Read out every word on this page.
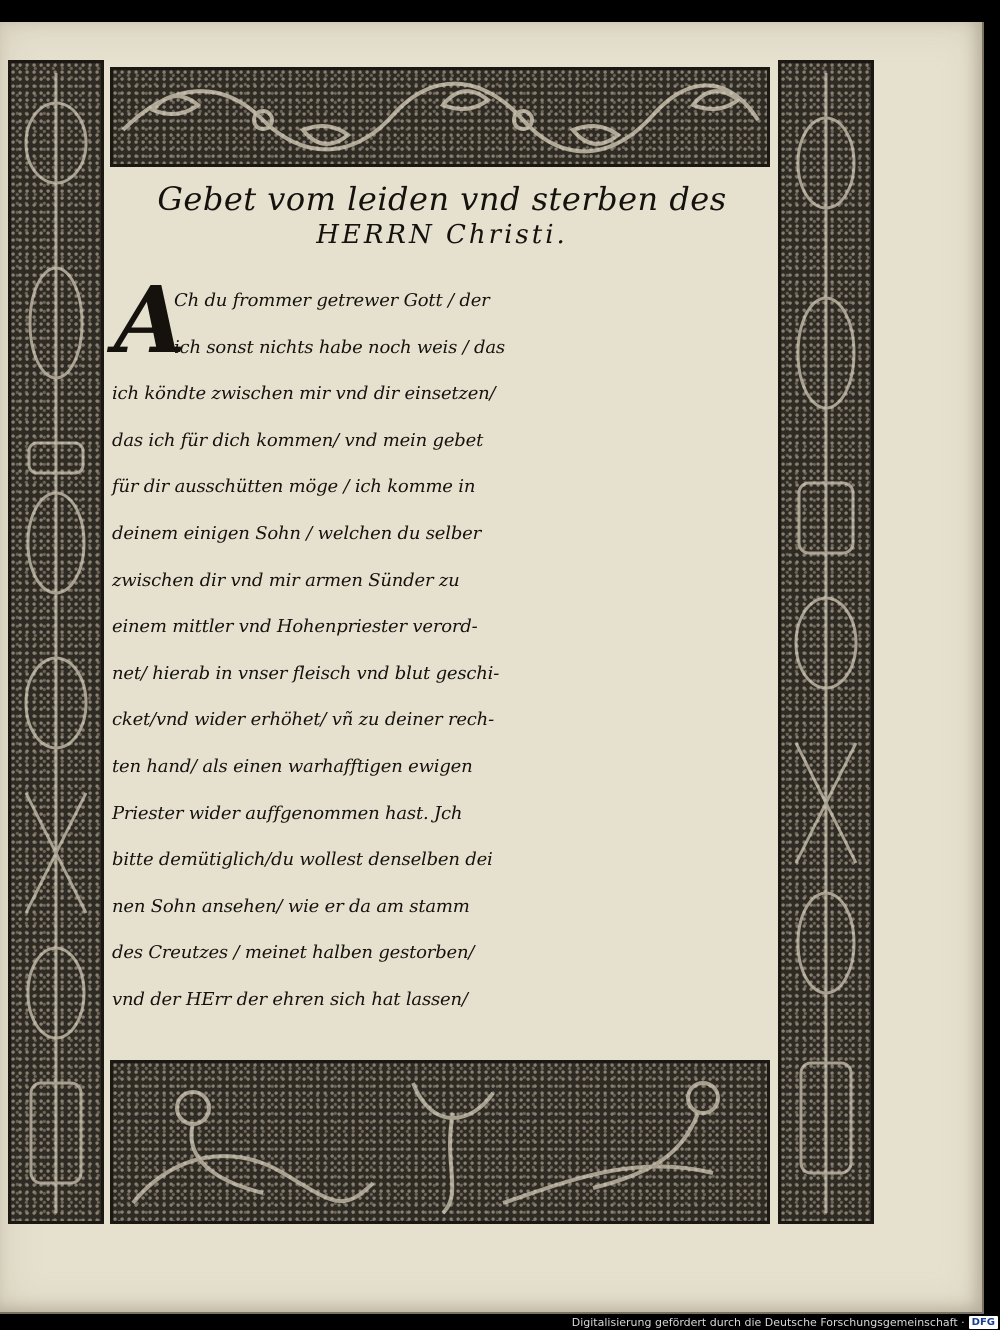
Gebet vom leiden vnd sterben des
HERRN Christi.
A
Ch du frommer getrewer Gott / der
ich sonst nichts habe noch weis / das
ich köndte zwischen mir vnd dir einsetzen/
das ich für dich kommen/ vnd mein gebet
für dir ausschütten möge / ich komme in
deinem einigen Sohn / welchen du selber
zwischen dir vnd mir armen Sünder zu
einem mittler vnd Hohenpriester verord-
net/ hierab in vnser fleisch vnd blut geschi-
cket/vnd wider erhöhet/ vñ zu deiner rech-
ten hand/ als einen warhafftigen ewigen
Priester wider auffgenommen hast. Jch
bitte demütiglich/du wollest denselben dei
nen Sohn ansehen/ wie er da am stamm
des Creutzes / meinet halben gestorben/
vnd der HErr der ehren sich hat lassen/
Digitalisierung gefördert durch die Deutsche Forschungsgemeinschaft · DFG
